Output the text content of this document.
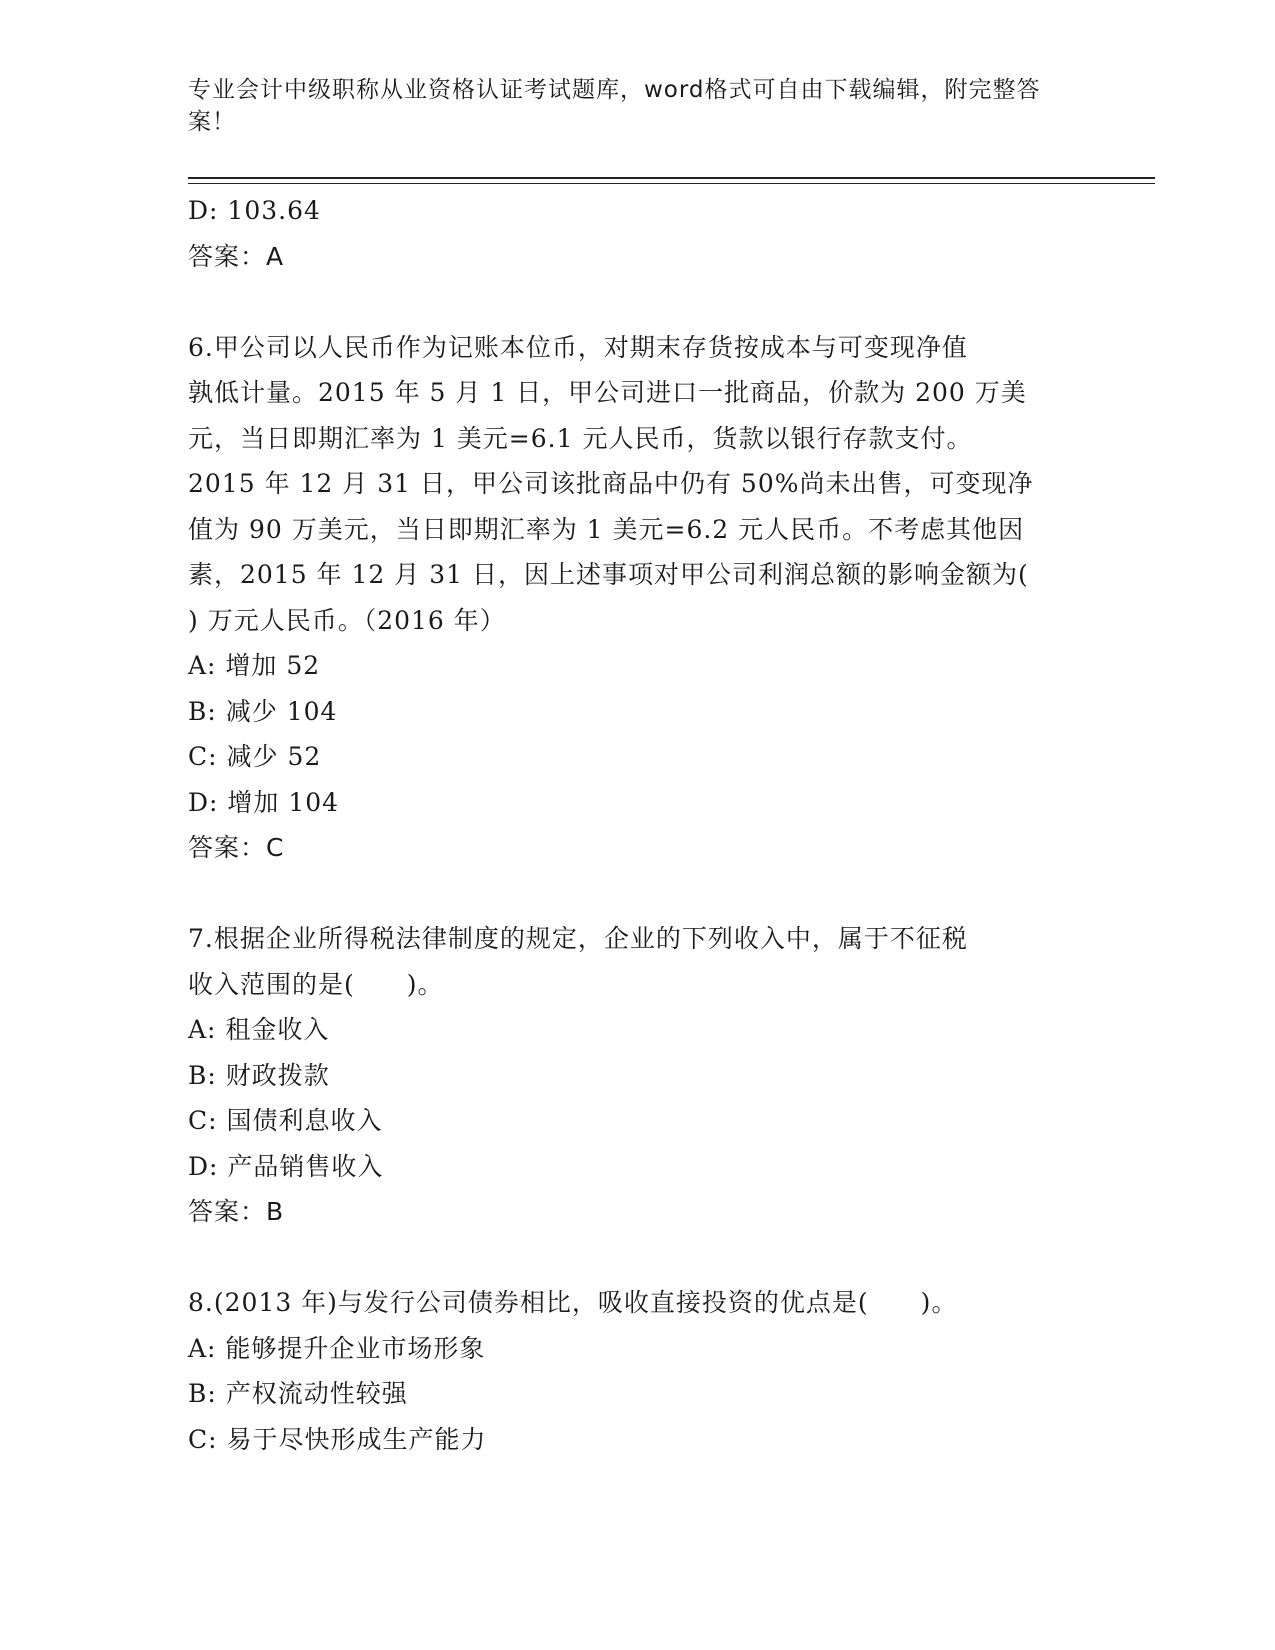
专业会计中级职称从业资格认证考试题库，word格式可自由下载编辑，附完整答案！
D: 103.64
答案：A
6.甲公司以人民币作为记账本位币，对期末存货按成本与可变现净值
孰低计量。2015 年 5 月 1 日，甲公司进口一批商品，价款为 200 万美
元，当日即期汇率为 1 美元=6.1 元人民币，货款以银行存款支付。
2015 年 12 月 31 日，甲公司该批商品中仍有 50%尚未出售，可变现净
值为 90 万美元，当日即期汇率为 1 美元=6.2 元人民币。不考虑其他因
素，2015 年 12 月 31 日，因上述事项对甲公司利润总额的影响金额为(
) 万元人民币。（2016 年）
A: 增加 52
B: 减少 104
C: 减少 52
D: 增加 104
答案：C
7.根据企业所得税法律制度的规定，企业的下列收入中，属于不征税
收入范围的是(　　)。
A: 租金收入
B: 财政拨款
C: 国债利息收入
D: 产品销售收入
答案：B
8.(2013 年)与发行公司债券相比，吸收直接投资的优点是(　　)。
A: 能够提升企业市场形象
B: 产权流动性较强
C: 易于尽快形成生产能力
